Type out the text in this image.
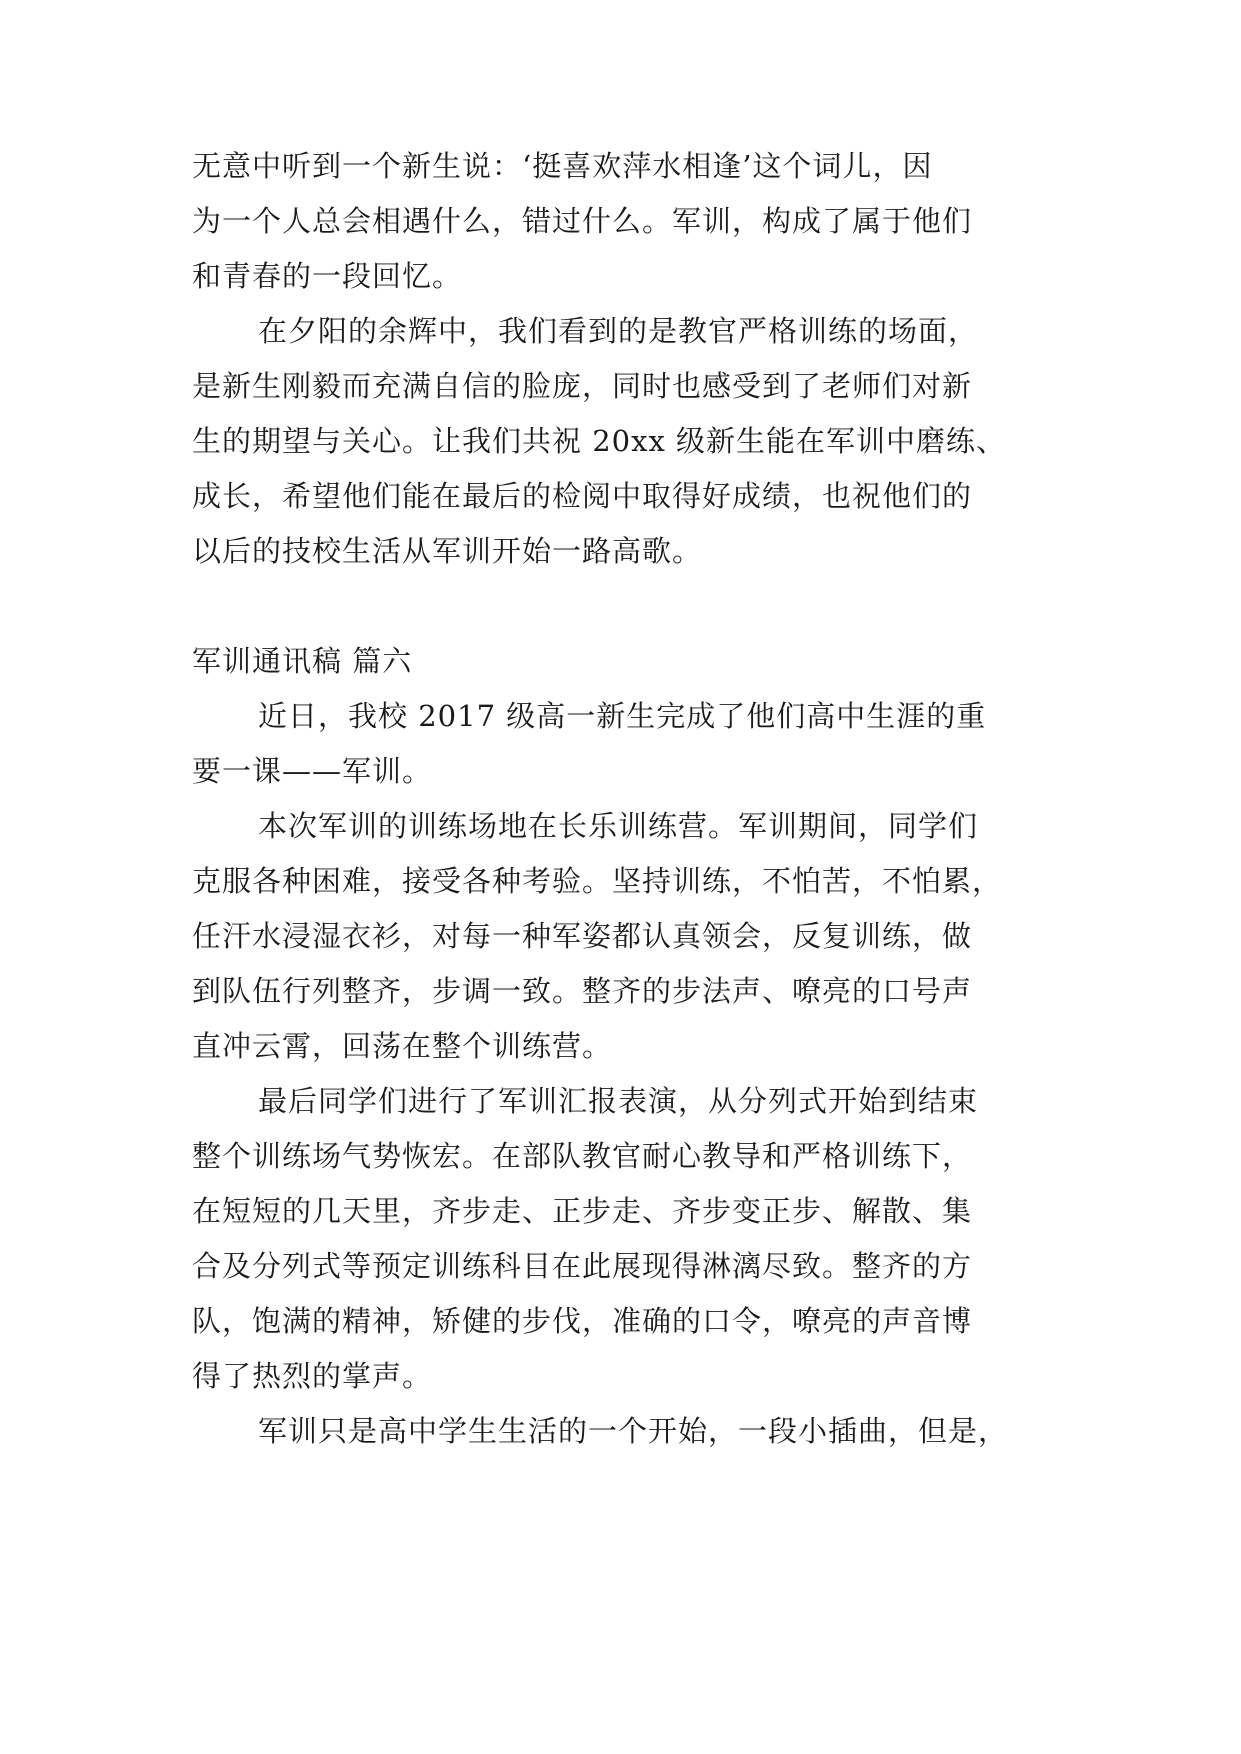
无意中听到一个新生说：‘挺喜欢萍水相逢’这个词儿，因
为一个人总会相遇什么，错过什么。军训，构成了属于他们
和青春的一段回忆。
在夕阳的余辉中，我们看到的是教官严格训练的场面，
是新生刚毅而充满自信的脸庞，同时也感受到了老师们对新
生的期望与关心。让我们共祝 20xx 级新生能在军训中磨练、
成长，希望他们能在最后的检阅中取得好成绩，也祝他们的
以后的技校生活从军训开始一路高歌。
军训通讯稿 篇六
近日，我校 2017 级高一新生完成了他们高中生涯的重
要一课——军训。
本次军训的训练场地在长乐训练营。军训期间，同学们
克服各种困难，接受各种考验。坚持训练，不怕苦，不怕累，
任汗水浸湿衣衫，对每一种军姿都认真领会，反复训练，做
到队伍行列整齐，步调一致。整齐的步法声、嘹亮的口号声
直冲云霄，回荡在整个训练营。
最后同学们进行了军训汇报表演，从分列式开始到结束
整个训练场气势恢宏。在部队教官耐心教导和严格训练下，
在短短的几天里，齐步走、正步走、齐步变正步、解散、集
合及分列式等预定训练科目在此展现得淋漓尽致。整齐的方
队，饱满的精神，矫健的步伐，准确的口令，嘹亮的声音博
得了热烈的掌声。
军训只是高中学生生活的一个开始，一段小插曲，但是，
